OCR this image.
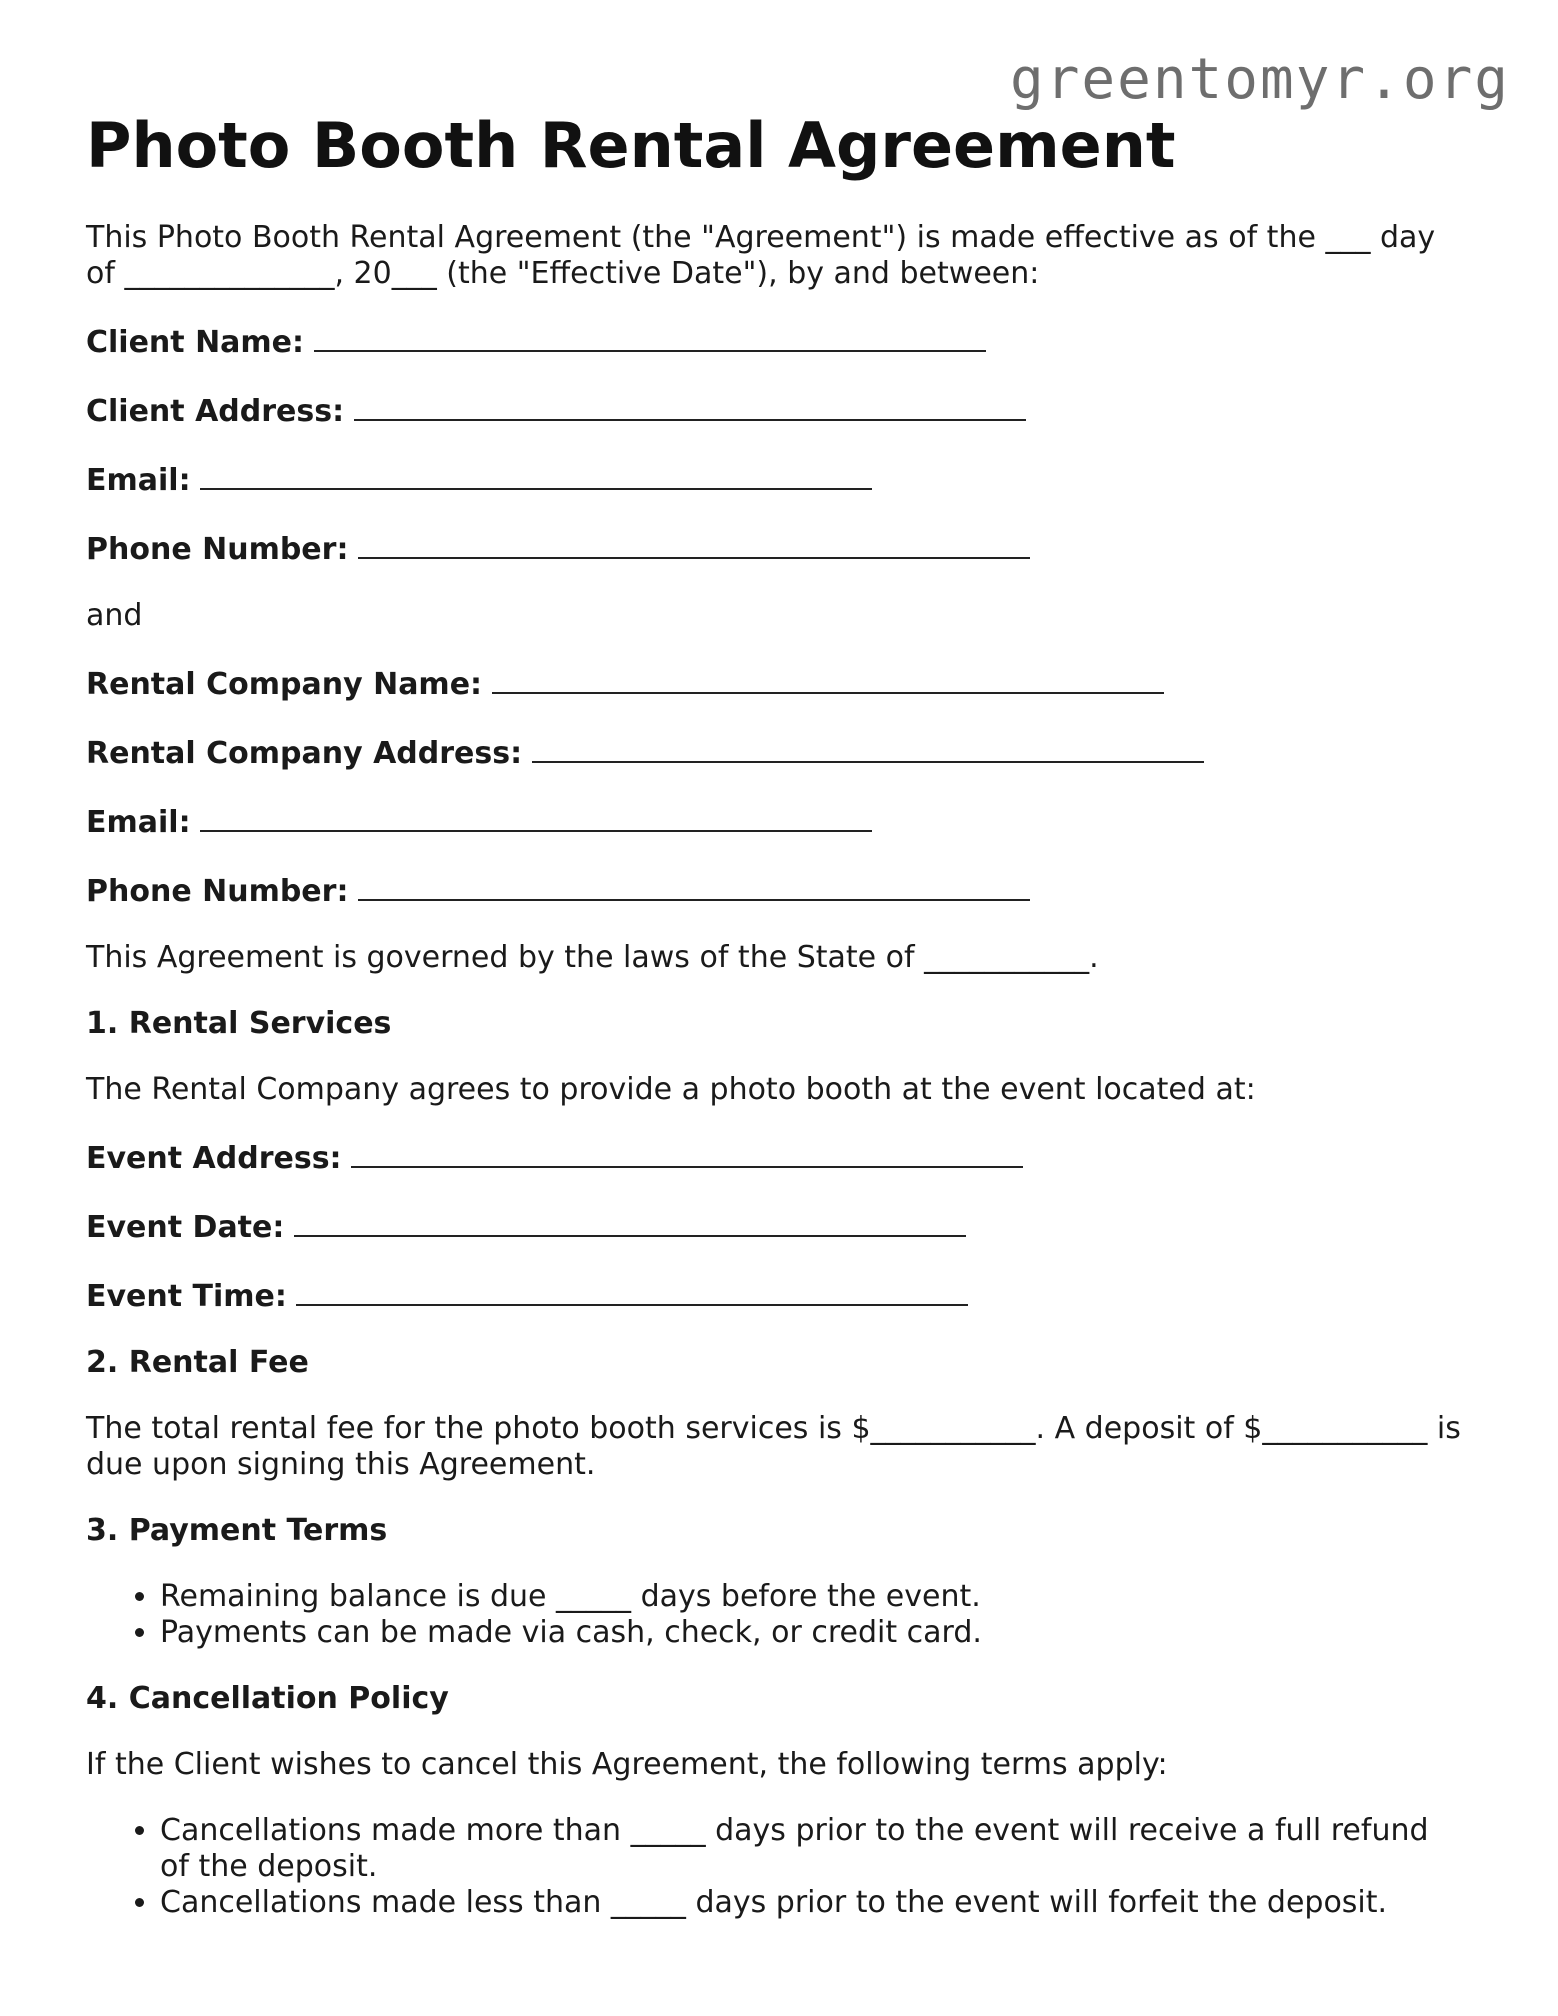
greentomyr.org
Photo Booth Rental Agreement

This Photo Booth Rental Agreement (the "Agreement") is made effective as of the ___ day of ______________, 20___ (the "Effective Date"), by and between:

Client Name:
Client Address:
Email:
Phone Number:

and

Rental Company Name:
Rental Company Address:
Email:
Phone Number:

This Agreement is governed by the laws of the State of ___________.

1. Rental Services

The Rental Company agrees to provide a photo booth at the event located at:

Event Address:
Event Date:
Event Time:
2. Rental Fee

The total rental fee for the photo booth services is $___________. A deposit of $___________ is due upon signing this Agreement.

3. Payment Terms
• Remaining balance is due _____ days before the event.
• Payments can be made via cash, check, or credit card.
4. Cancellation Policy

If the Client wishes to cancel this Agreement, the following terms apply:

• Cancellations made more than _____ days prior to the event will receive a full refund of the deposit.
• Cancellations made less than _____ days prior to the event will forfeit the deposit.
